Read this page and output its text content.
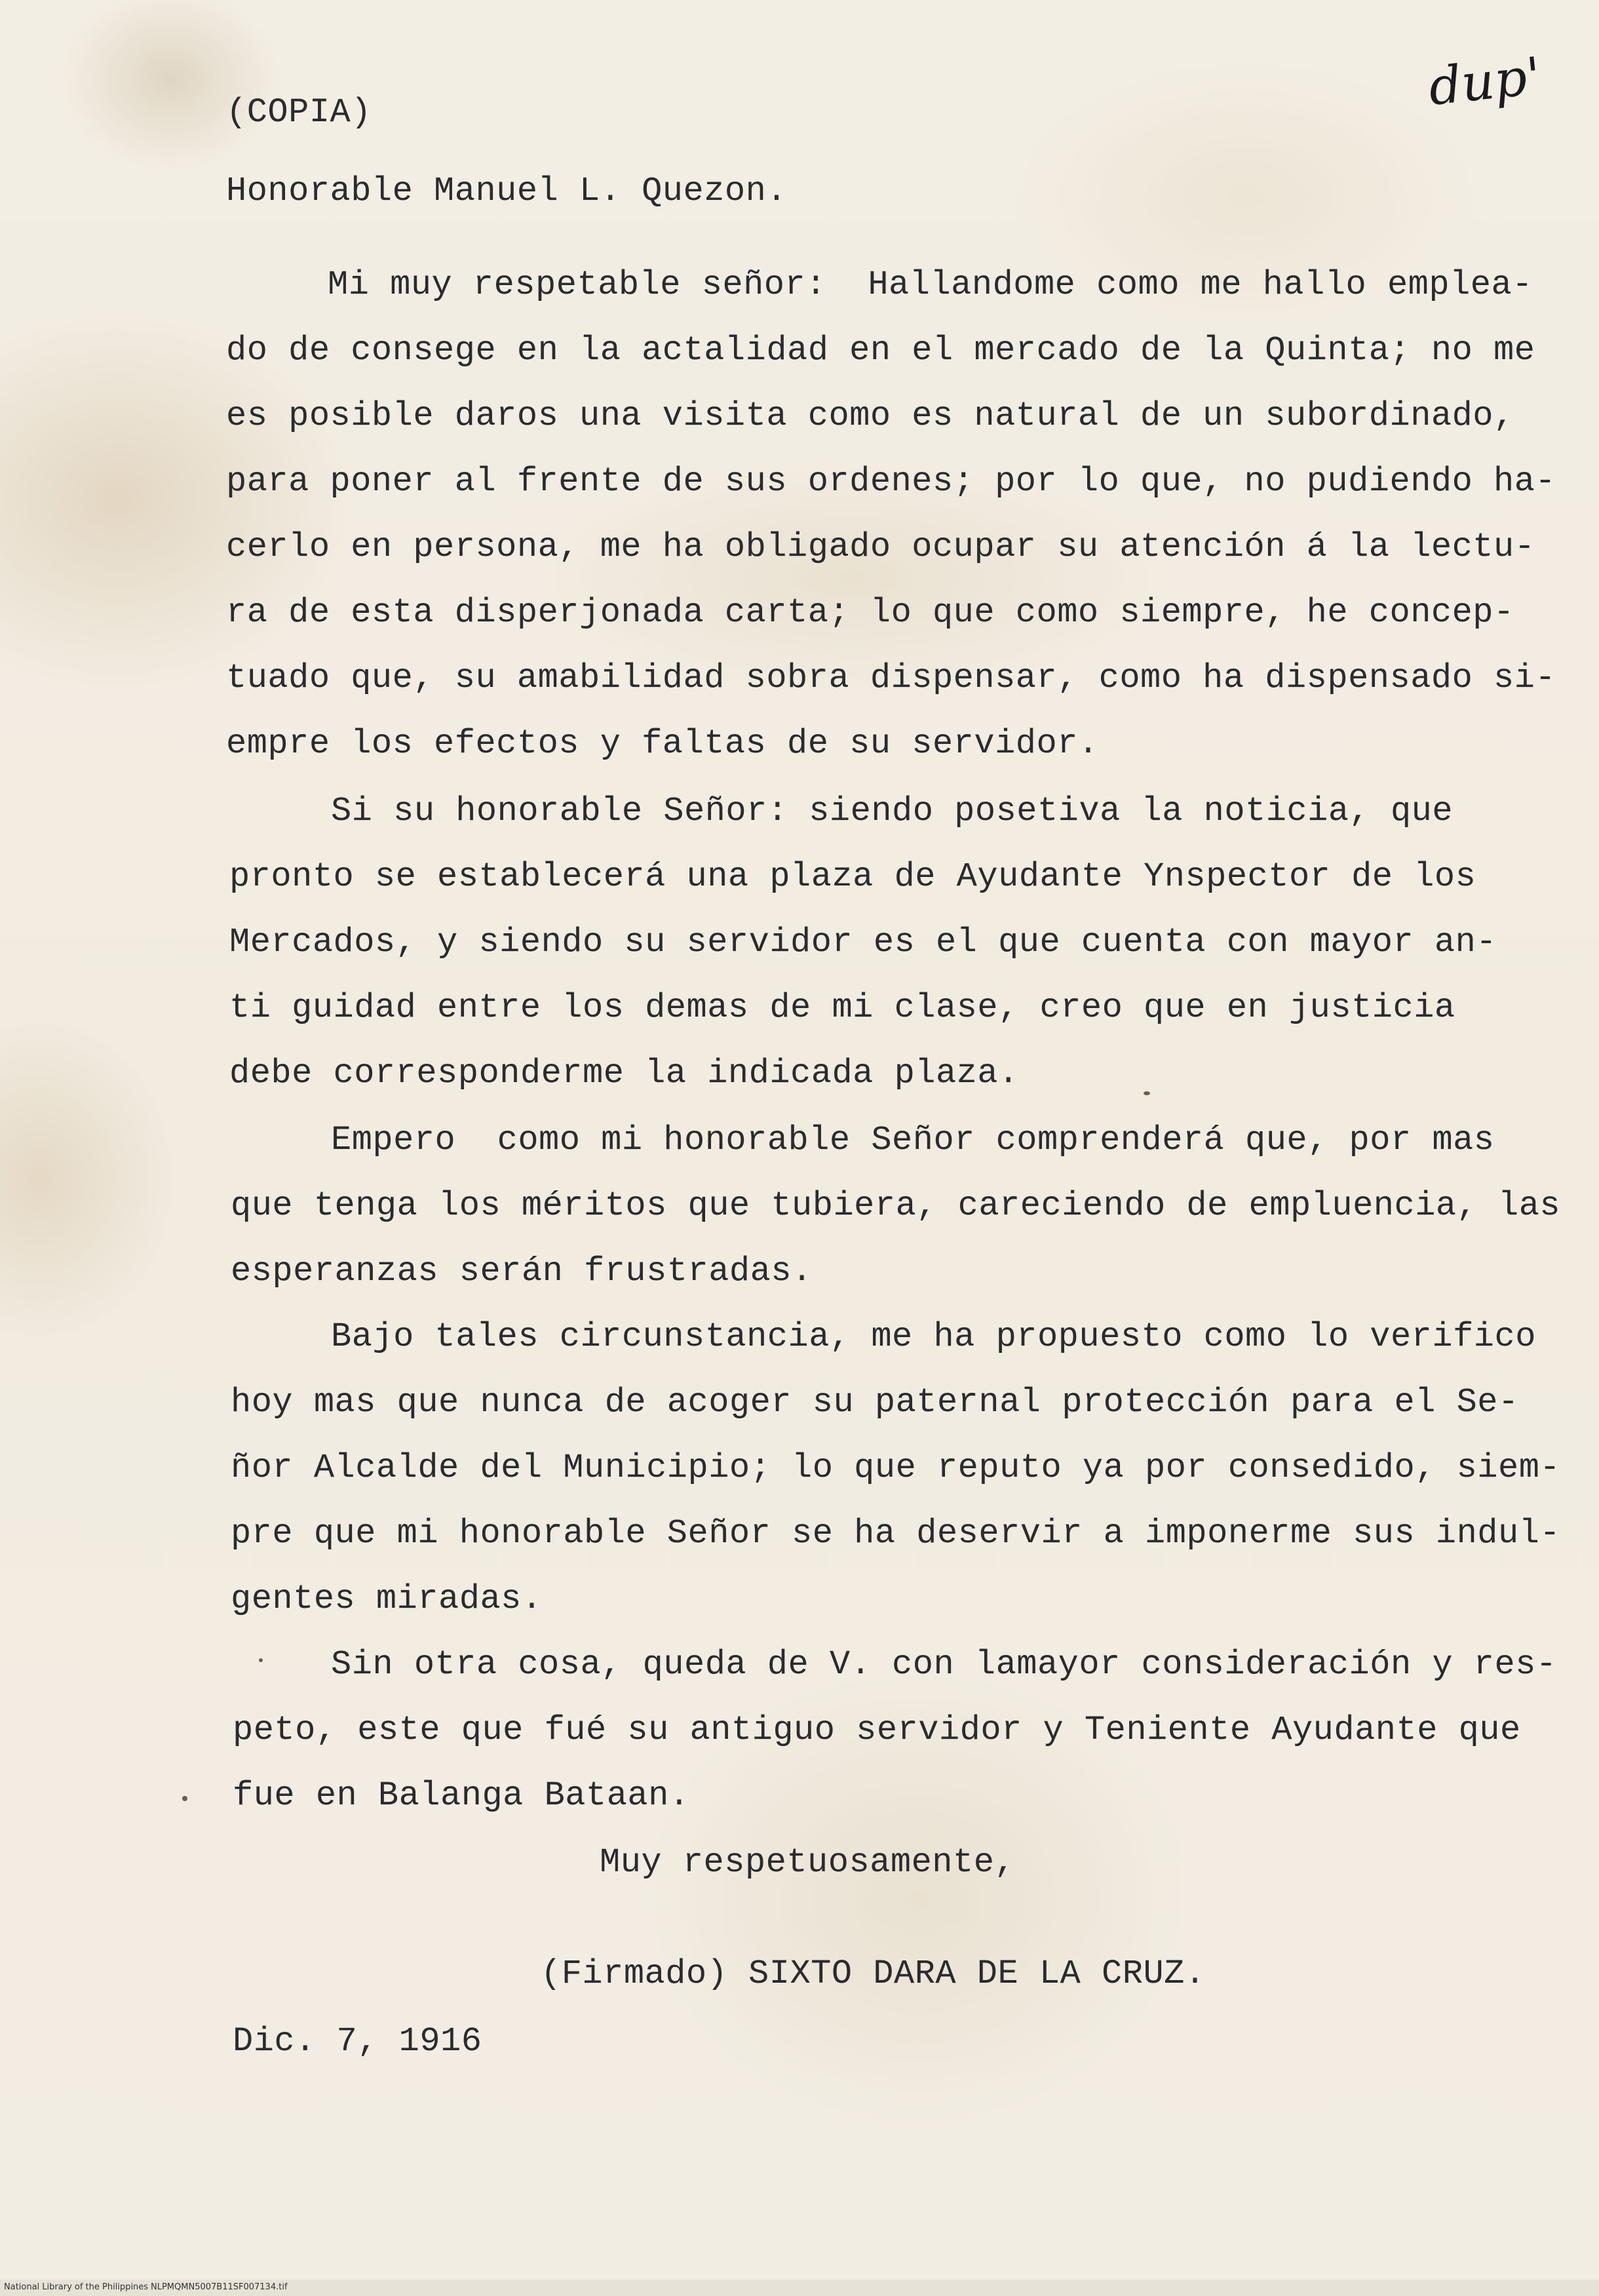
dup'
(COPIA)
Honorable Manuel L. Quezon.
Mi muy respetable señor:  Hallandome como me hallo emplea-
do de consege en la actalidad en el mercado de la Quinta; no me
es posible daros una visita como es natural de un subordinado,
para poner al frente de sus ordenes; por lo que, no pudiendo ha-
cerlo en persona, me ha obligado ocupar su atención á la lectu-
ra de esta disperjonada carta; lo que como siempre, he concep-
tuado que, su amabilidad sobra dispensar, como ha dispensado si-
empre los efectos y faltas de su servidor.
Si su honorable Señor: siendo posetiva la noticia, que
pronto se establecerá una plaza de Ayudante Ynspector de los
Mercados, y siendo su servidor es el que cuenta con mayor an-
ti guidad entre los demas de mi clase, creo que en justicia
debe corresponderme la indicada plaza.
Empero  como mi honorable Señor comprenderá que, por mas
que tenga los méritos que tubiera, careciendo de empluencia, las
esperanzas serán frustradas.
Bajo tales circunstancia, me ha propuesto como lo verifico
hoy mas que nunca de acoger su paternal protección para el Se-
ñor Alcalde del Municipio; lo que reputo ya por consedido, siem-
pre que mi honorable Señor se ha deservir a imponerme sus indul-
gentes miradas.
Sin otra cosa, queda de V. con lamayor consideración y res-
peto, este que fué su antiguo servidor y Teniente Ayudante que
fue en Balanga Bataan.
Muy respetuosamente,
(Firmado) SIXTO DARA DE LA CRUZ.
Dic. 7, 1916
National Library of the Philippines NLPMQMN5007B11SF007134.tif
